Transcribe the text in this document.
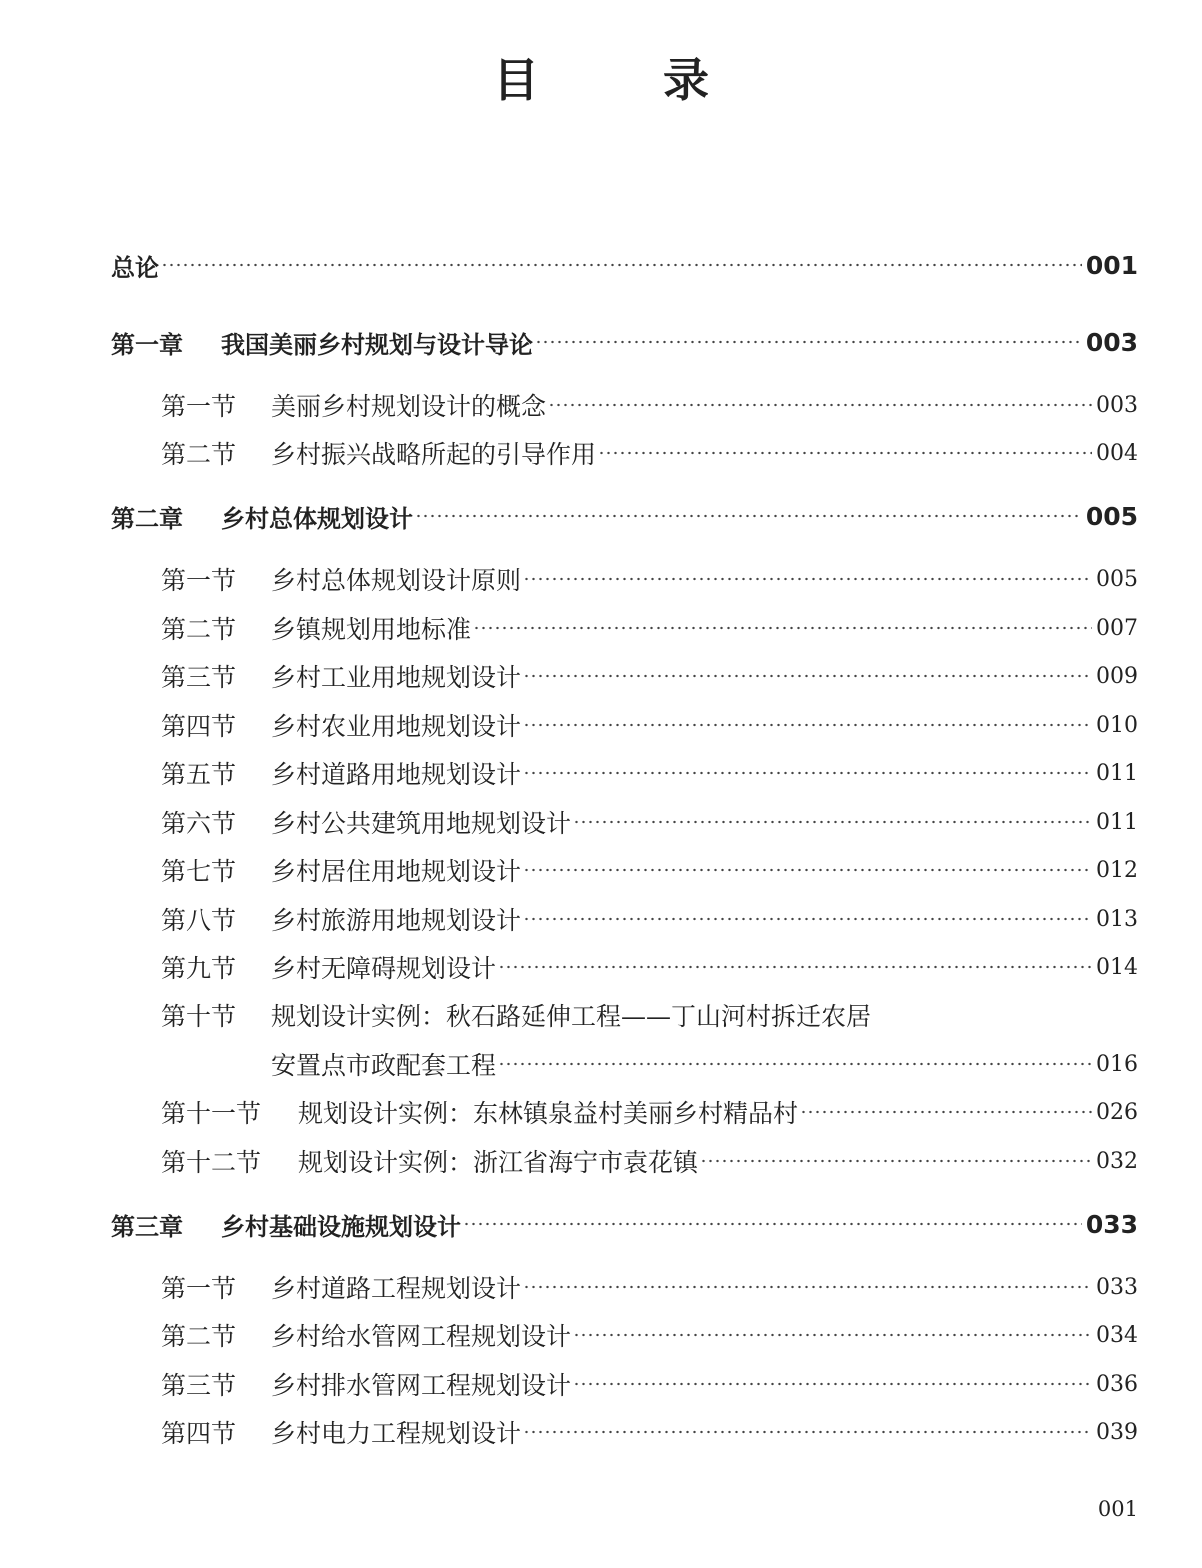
目 录
总论	001
第一章	我国美丽乡村规划与设计导论	003
第一节	美丽乡村规划设计的概念	003
第二节	乡村振兴战略所起的引导作用	004
第二章	乡村总体规划设计	005
第一节	乡村总体规划设计原则	005
第二节	乡镇规划用地标准	007
第三节	乡村工业用地规划设计	009
第四节	乡村农业用地规划设计	010
第五节	乡村道路用地规划设计	011
第六节	乡村公共建筑用地规划设计	011
第七节	乡村居住用地规划设计	012
第八节	乡村旅游用地规划设计	013
第九节	乡村无障碍规划设计	014
第十节	规划设计实例：秋石路延伸工程——丁山河村拆迁农居
安置点市政配套工程	016
第十一节	规划设计实例：东林镇泉益村美丽乡村精品村	026
第十二节	规划设计实例：浙江省海宁市袁花镇	032
第三章	乡村基础设施规划设计	033
第一节	乡村道路工程规划设计	033
第二节	乡村给水管网工程规划设计	034
第三节	乡村排水管网工程规划设计	036
第四节	乡村电力工程规划设计	039
001
